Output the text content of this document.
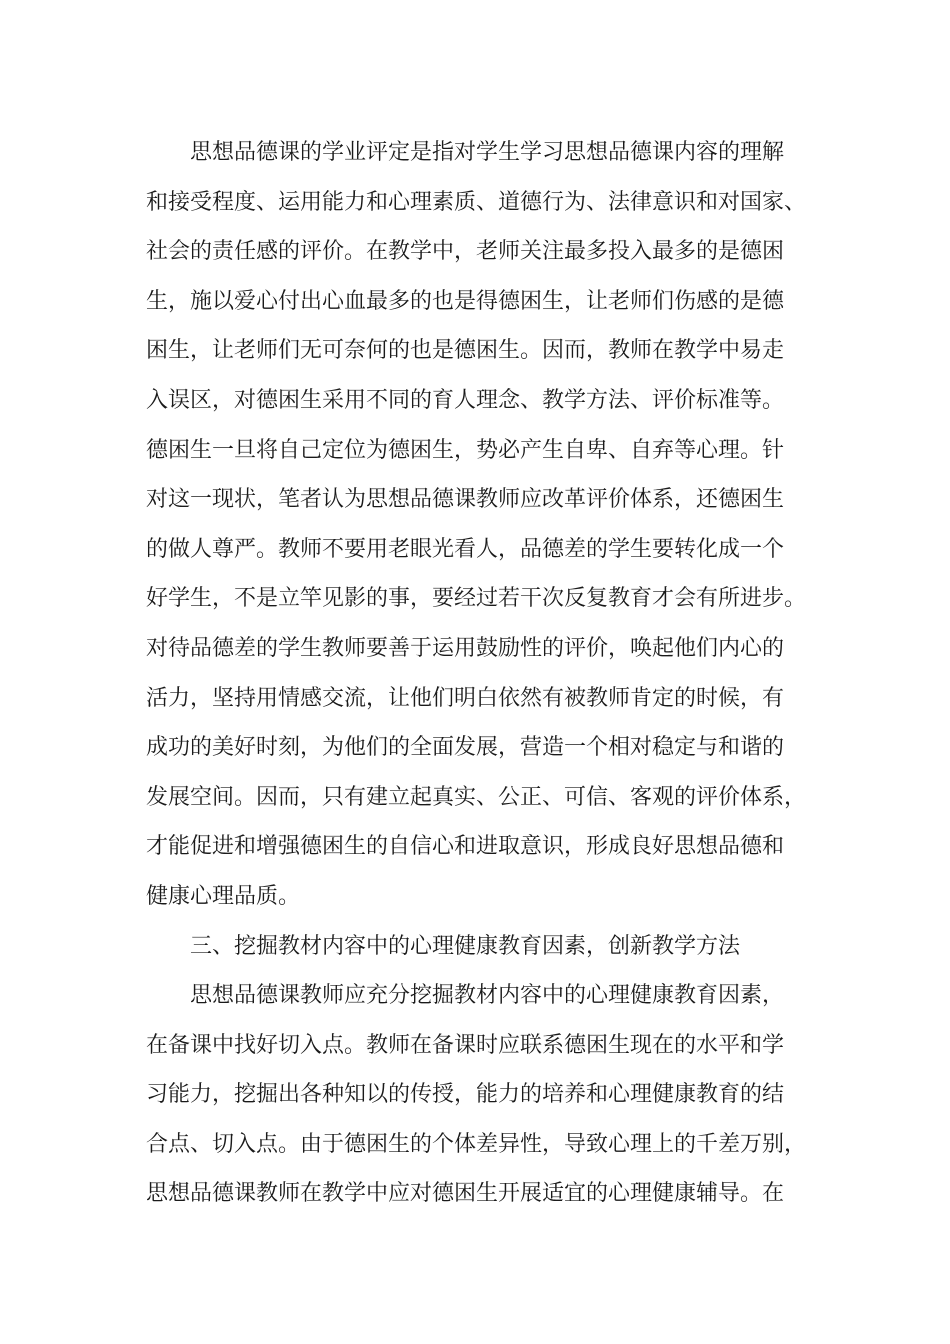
思想品德课的学业评定是指对学生学习思想品德课内容的理解
和接受程度、运用能力和心理素质、道德行为、法律意识和对国家、
社会的责任感的评价。在教学中，老师关注最多投入最多的是德困
生，施以爱心付出心血最多的也是得德困生，让老师们伤感的是德
困生，让老师们无可奈何的也是德困生。因而，教师在教学中易走
入误区，对德困生采用不同的育人理念、教学方法、评价标准等。
德困生一旦将自己定位为德困生，势必产生自卑、自弃等心理。针
对这一现状，笔者认为思想品德课教师应改革评价体系，还德困生
的做人尊严。教师不要用老眼光看人，品德差的学生要转化成一个
好学生，不是立竿见影的事，要经过若干次反复教育才会有所进步。
对待品德差的学生教师要善于运用鼓励性的评价，唤起他们内心的
活力，坚持用情感交流，让他们明白依然有被教师肯定的时候，有
成功的美好时刻，为他们的全面发展，营造一个相对稳定与和谐的
发展空间。因而，只有建立起真实、公正、可信、客观的评价体系，
才能促进和增强德困生的自信心和进取意识，形成良好思想品德和
健康心理品质。
三、挖掘教材内容中的心理健康教育因素，创新教学方法
思想品德课教师应充分挖掘教材内容中的心理健康教育因素，
在备课中找好切入点。教师在备课时应联系德困生现在的水平和学
习能力，挖掘出各种知以的传授，能力的培养和心理健康教育的结
合点、切入点。由于德困生的个体差异性，导致心理上的千差万别，
思想品德课教师在教学中应对德困生开展适宜的心理健康辅导。在
